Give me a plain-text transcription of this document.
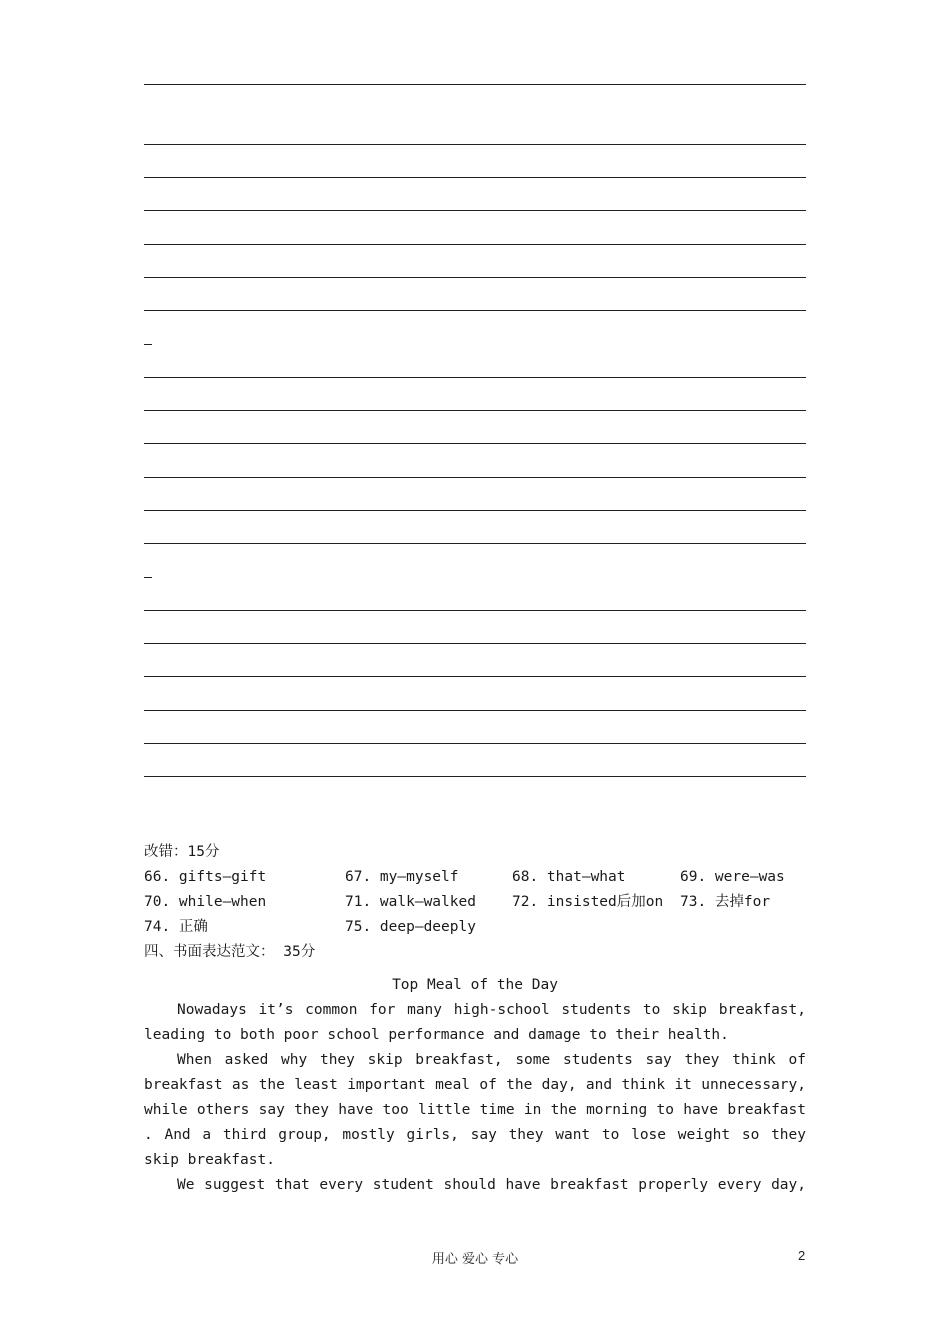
改错：15分
66. gifts—gift	67. my—myself	68. that—what	69. were—was
70. while—when	71. walk—walked 72. insisted后加on 73. 去掉for
74. 正确	75. deep—deeply
四、书面表达范文： 35分
Top Meal of the Day

Nowadays it’s common for many high-school students to skip breakfast, leading to both poor school performance and damage to their health.

When asked why they skip breakfast, some students say they think of breakfast as the least important meal of the day, and think it unnecessary, while others say they have too little time in the morning to have breakfast . And a third group, mostly girls, say they want to lose weight so they skip breakfast.

We suggest that every student should have breakfast properly every day,

用心 爱心 专心	2
